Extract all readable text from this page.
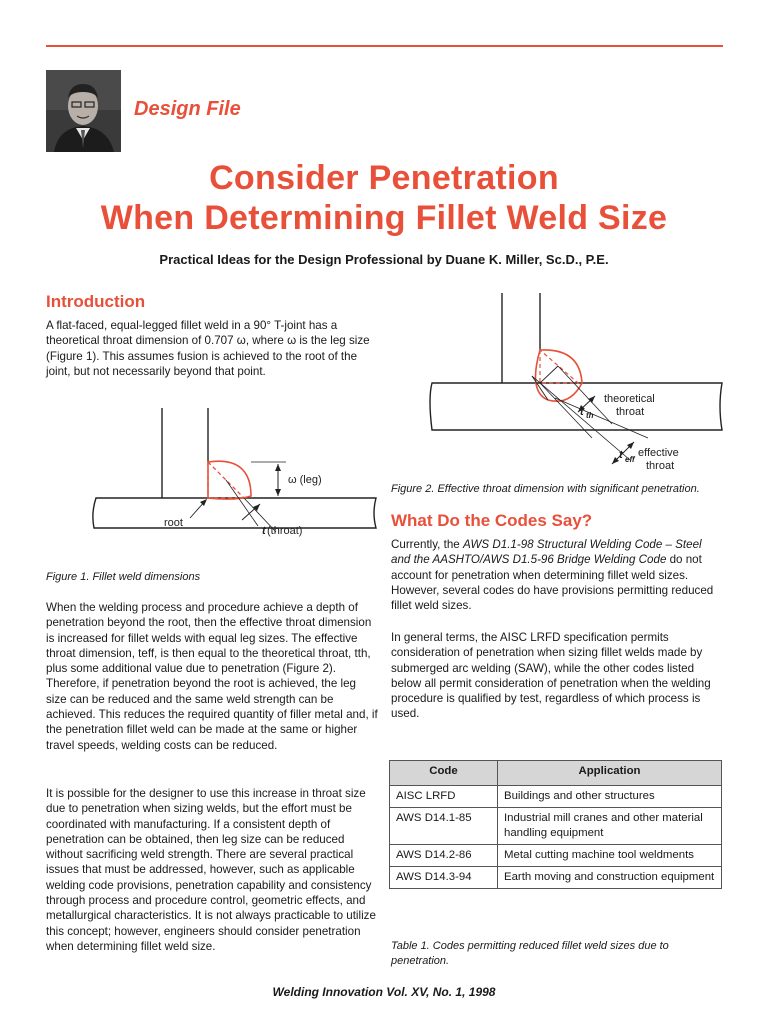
Design File
Consider Penetration
When Determining Fillet Weld Size
Practical Ideas for the Design Professional by Duane K. Miller, Sc.D., P.E.
Introduction
A flat-faced, equal-legged fillet weld in a 90° T-joint has a theoretical throat dimension of 0.707 ω, where ω is the leg size (Figure 1). This assumes fusion is achieved to the root of the joint, but not necessarily beyond that point.
ω (leg)
t (throat)
root
Figure 1. Fillet weld dimensions
When the welding process and procedure achieve a depth of penetration beyond the root, then the effective throat dimension is increased for fillet welds with equal leg sizes. The effective throat dimension, teff, is then equal to the theoretical throat, tth, plus some additional value due to penetration (Figure 2). Therefore, if penetration beyond the root is achieved, the leg size can be reduced and the same weld strength can be achieved. This reduces the required quantity of filler metal and, if the penetration fillet weld can be made at the same or higher travel speeds, welding costs can be reduced.
It is possible for the designer to use this increase in throat size due to penetration when sizing welds, but the effort must be coordinated with manufacturing. If a consistent depth of penetration can be obtained, then leg size can be reduced without sacrificing weld strength. There are several practical issues that must be addressed, however, such as applicable welding code provisions, penetration capability and consistency through process and procedure control, geometric effects, and metallurgical characteristics. It is not always practicable to utilize this concept; however, engineers should consider penetration when determining fillet weld size.
t th
theoretical
throat
t eff
effective
throat
Figure 2. Effective throat dimension with significant penetration.
What Do the Codes Say?
Currently, the AWS D1.1-98 Structural Welding Code – Steel and the AASHTO/AWS D1.5-96 Bridge Welding Code do not account for penetration when determining fillet weld sizes. However, several codes do have provisions permitting reduced fillet weld sizes.
In general terms, the AISC LRFD specification permits consideration of penetration when sizing fillet welds made by submerged arc welding (SAW), while the other codes listed below all permit consideration of penetration when the welding procedure is qualified by test, regardless of which process is used.
Code	Application
AISC LRFD	Buildings and other structures
AWS D14.1-85	Industrial mill cranes and other material handling equipment
AWS D14.2-86	Metal cutting machine tool weldments
AWS D14.3-94	Earth moving and construction equipment
Table 1. Codes permitting reduced fillet weld sizes due to penetration.
Welding Innovation Vol. XV, No. 1, 1998
